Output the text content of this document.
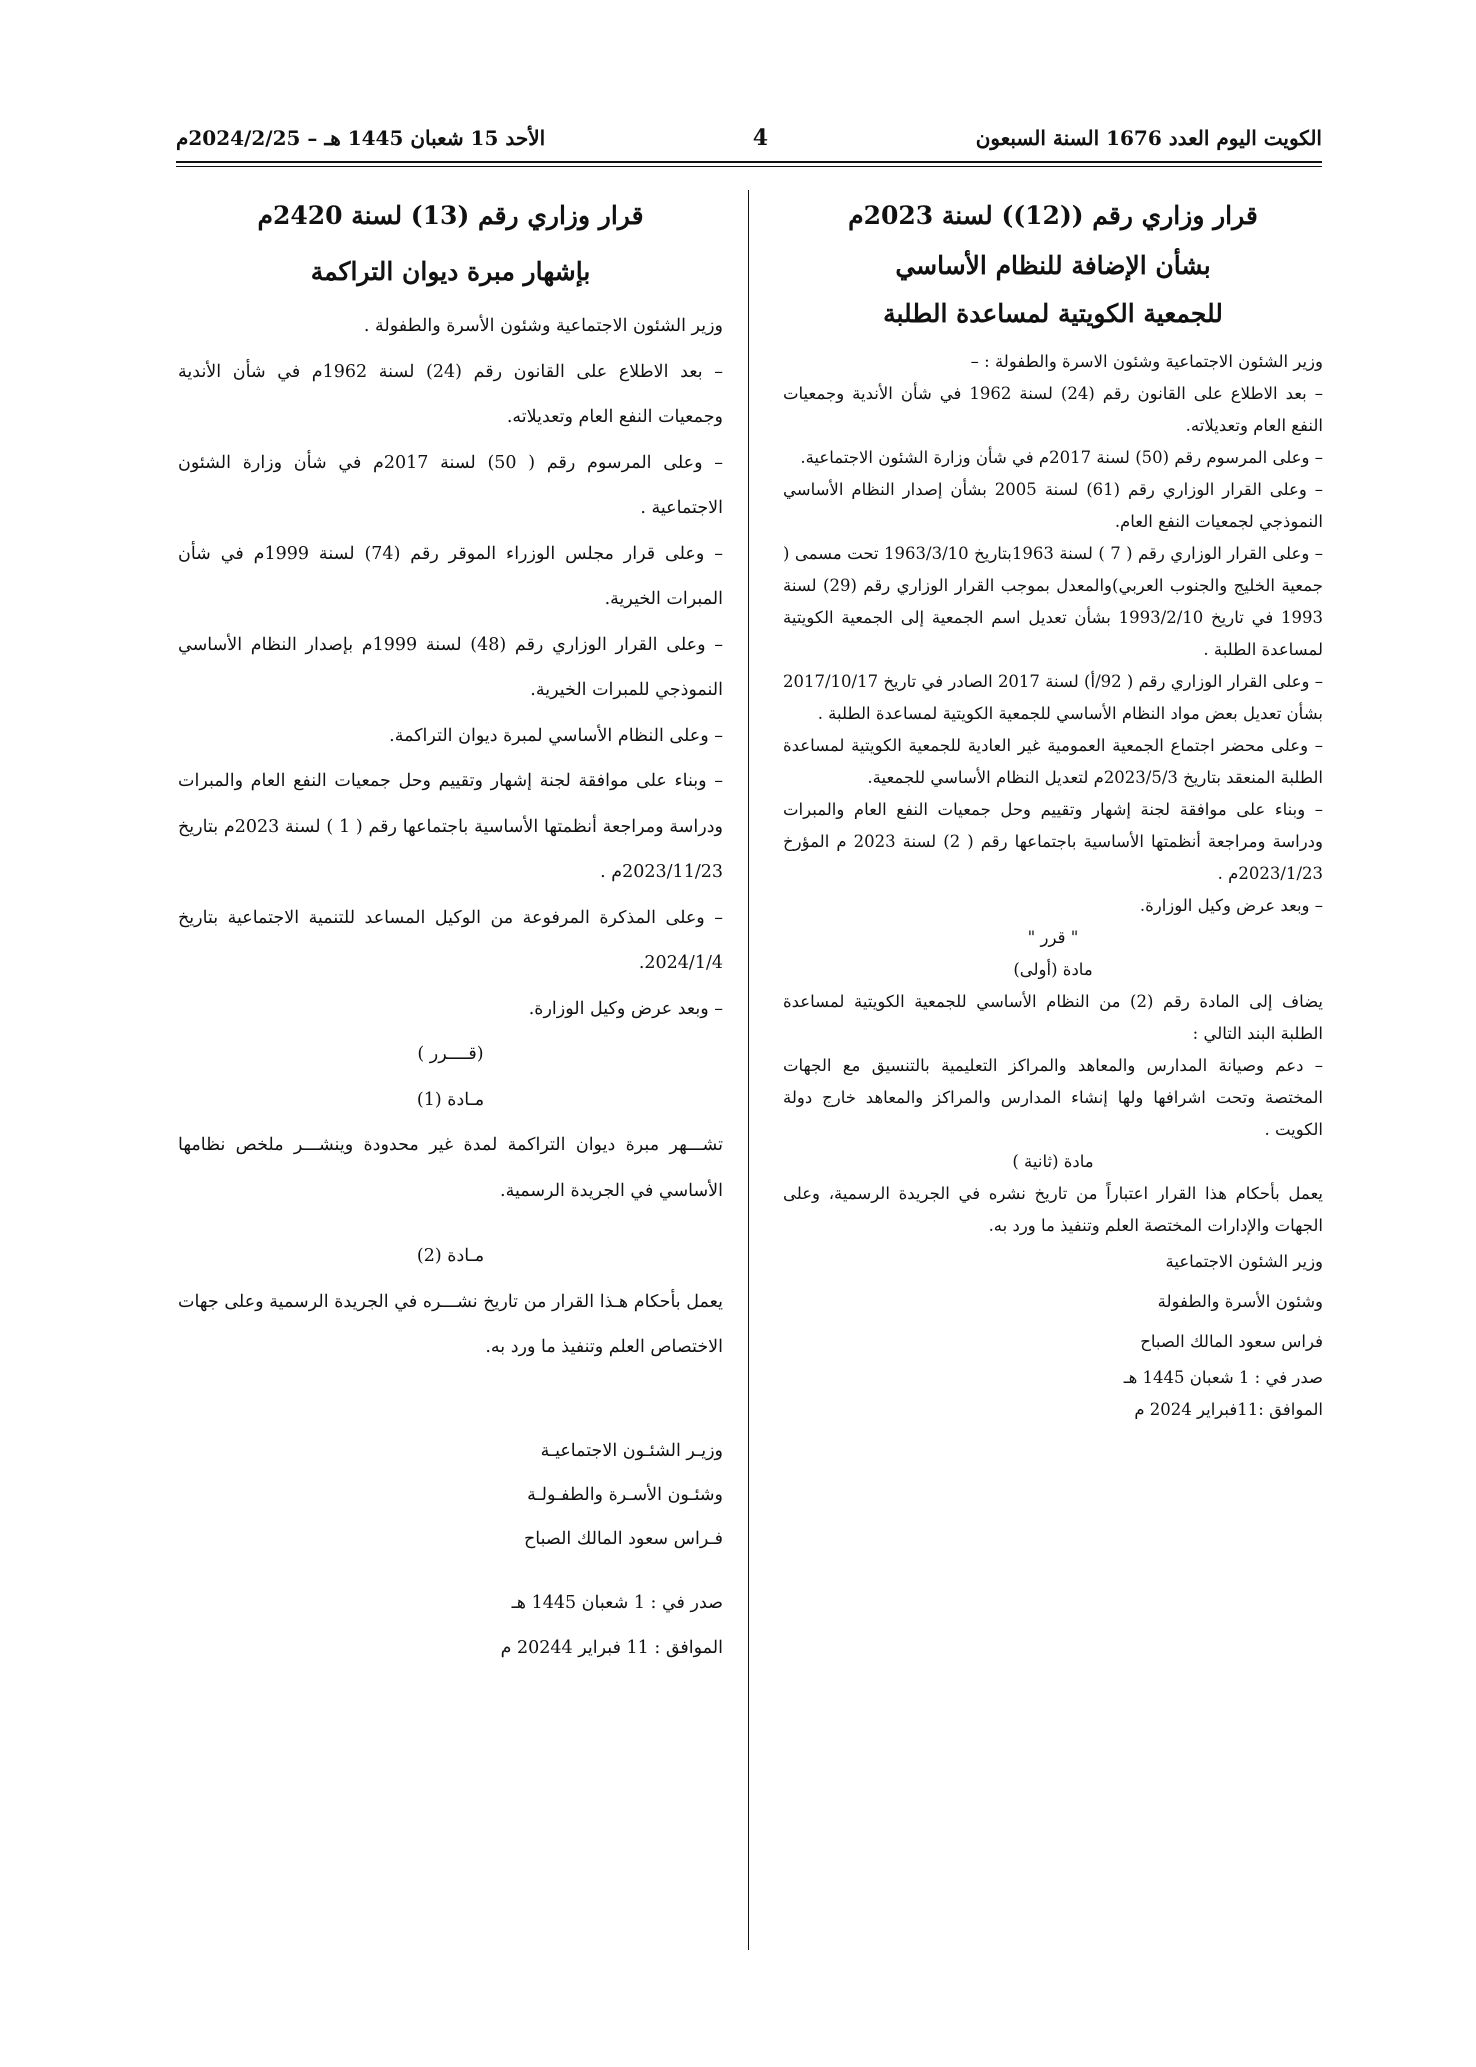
الكويت اليوم العدد 1676 السنة السبعون
4
الأحد 15 شعبان 1445 هـ – 2024/2/25م

قرار وزاري رقم ((12)) لسنة 2023م

بشأن الإضافة للنظام الأساسي

للجمعية الكويتية لمساعدة الطلبة

وزير الشئون الاجتماعية وشئون الاسرة والطفولة : –

– بعد الاطلاع على القانون رقم (24) لسنة 1962 في شأن الأندية وجمعيات النفع العام وتعديلاته.

– وعلى المرسوم رقم (50) لسنة 2017م في شأن وزارة الشئون الاجتماعية.

– وعلى القرار الوزاري رقم (61) لسنة 2005 بشأن إصدار النظام الأساسي النموذجي لجمعيات النفع العام.

– وعلى القرار الوزاري رقم ( 7 ) لسنة 1963بتاريخ 1963/3/10 تحت مسمى ( جمعية الخليج والجنوب العربي)والمعدل بموجب القرار الوزاري رقم (29) لسنة 1993 في تاريخ 1993/2/10 بشأن تعديل اسم الجمعية إلى الجمعية الكويتية لمساعدة الطلبة .

– وعلى القرار الوزاري رقم ( 92/أ) لسنة 2017 الصادر في تاريخ 2017/10/17 بشأن تعديل بعض مواد النظام الأساسي للجمعية الكويتية لمساعدة الطلبة .

– وعلى محضر اجتماع الجمعية العمومية غير العادية للجمعية الكويتية لمساعدة الطلبة المنعقد بتاريخ 2023/5/3م لتعديل النظام الأساسي للجمعية.

– وبناء على موافقة لجنة إشهار وتقييم وحل جمعيات النفع العام والمبرات ودراسة ومراجعة أنظمتها الأساسية باجتماعها رقم ( 2) لسنة 2023 م المؤرخ 2023/1/23م .

– وبعد عرض وكيل الوزارة.

" قرر "

مادة (أولى)

يضاف إلى المادة رقم (2) من النظام الأساسي للجمعية الكويتية لمساعدة الطلبة البند التالي :

– دعم وصيانة المدارس والمعاهد والمراكز التعليمية بالتنسيق مع الجهات المختصة وتحت اشرافها ولها إنشاء المدارس والمراكز والمعاهد خارج دولة الكويت .

مادة (ثانية )

يعمل بأحكام هذا القرار اعتباراً من تاريخ نشره في الجريدة الرسمية، وعلى الجهات والإدارات المختصة العلم وتنفيذ ما ورد به.

وزير الشئون الاجتماعية

وشئون الأسرة والطفولة

فراس سعود المالك الصباح

صدر في : 1 شعبان 1445 هـ

الموافق :11فبراير 2024 م

قرار وزاري رقم (13) لسنة 2420م

بإشهار مبرة ديوان التراكمة

وزير الشئون الاجتماعية وشئون الأسرة والطفولة .

– بعد الاطلاع على القانون رقم (24) لسنة 1962م في شأن الأندية وجمعيات النفع العام وتعديلاته.

– وعلى المرسوم رقم ( 50) لسنة 2017م في شأن وزارة الشئون الاجتماعية .

– وعلى قرار مجلس الوزراء الموقر رقم (74) لسنة 1999م في شأن المبرات الخيرية.

– وعلى القرار الوزاري رقم (48) لسنة 1999م بإصدار النظام الأساسي النموذجي للمبرات الخيرية.

– وعلى النظام الأساسي لمبرة ديوان التراكمة.

– وبناء على موافقة لجنة إشهار وتقييم وحل جمعيات النفع العام والمبرات ودراسة ومراجعة أنظمتها الأساسية باجتماعها رقم ( 1 ) لسنة 2023م بتاريخ 2023/11/23م .

– وعلى المذكرة المرفوعة من الوكيل المساعد للتنمية الاجتماعية بتاريخ 2024/1/4.

– وبعد عرض وكيل الوزارة.

(قــــرر )

مـادة (1)

تشـــهر مبرة ديوان التراكمة لمدة غير محدودة وينشـــر ملخص نظامها الأساسي في الجريدة الرسمية.

مـادة (2)

يعمل بأحكام هـذا القرار من تاريخ نشـــره في الجريدة الرسمية وعلى جهات الاختصاص العلم وتنفيذ ما ورد به.

وزيـر الشئـون الاجتماعيـة

وشئـون الأسـرة والطفـولـة

فـراس سعود المالك الصباح

صدر في : 1 شعبان 1445 هـ

الموافق : 11 فبراير 20244 م
